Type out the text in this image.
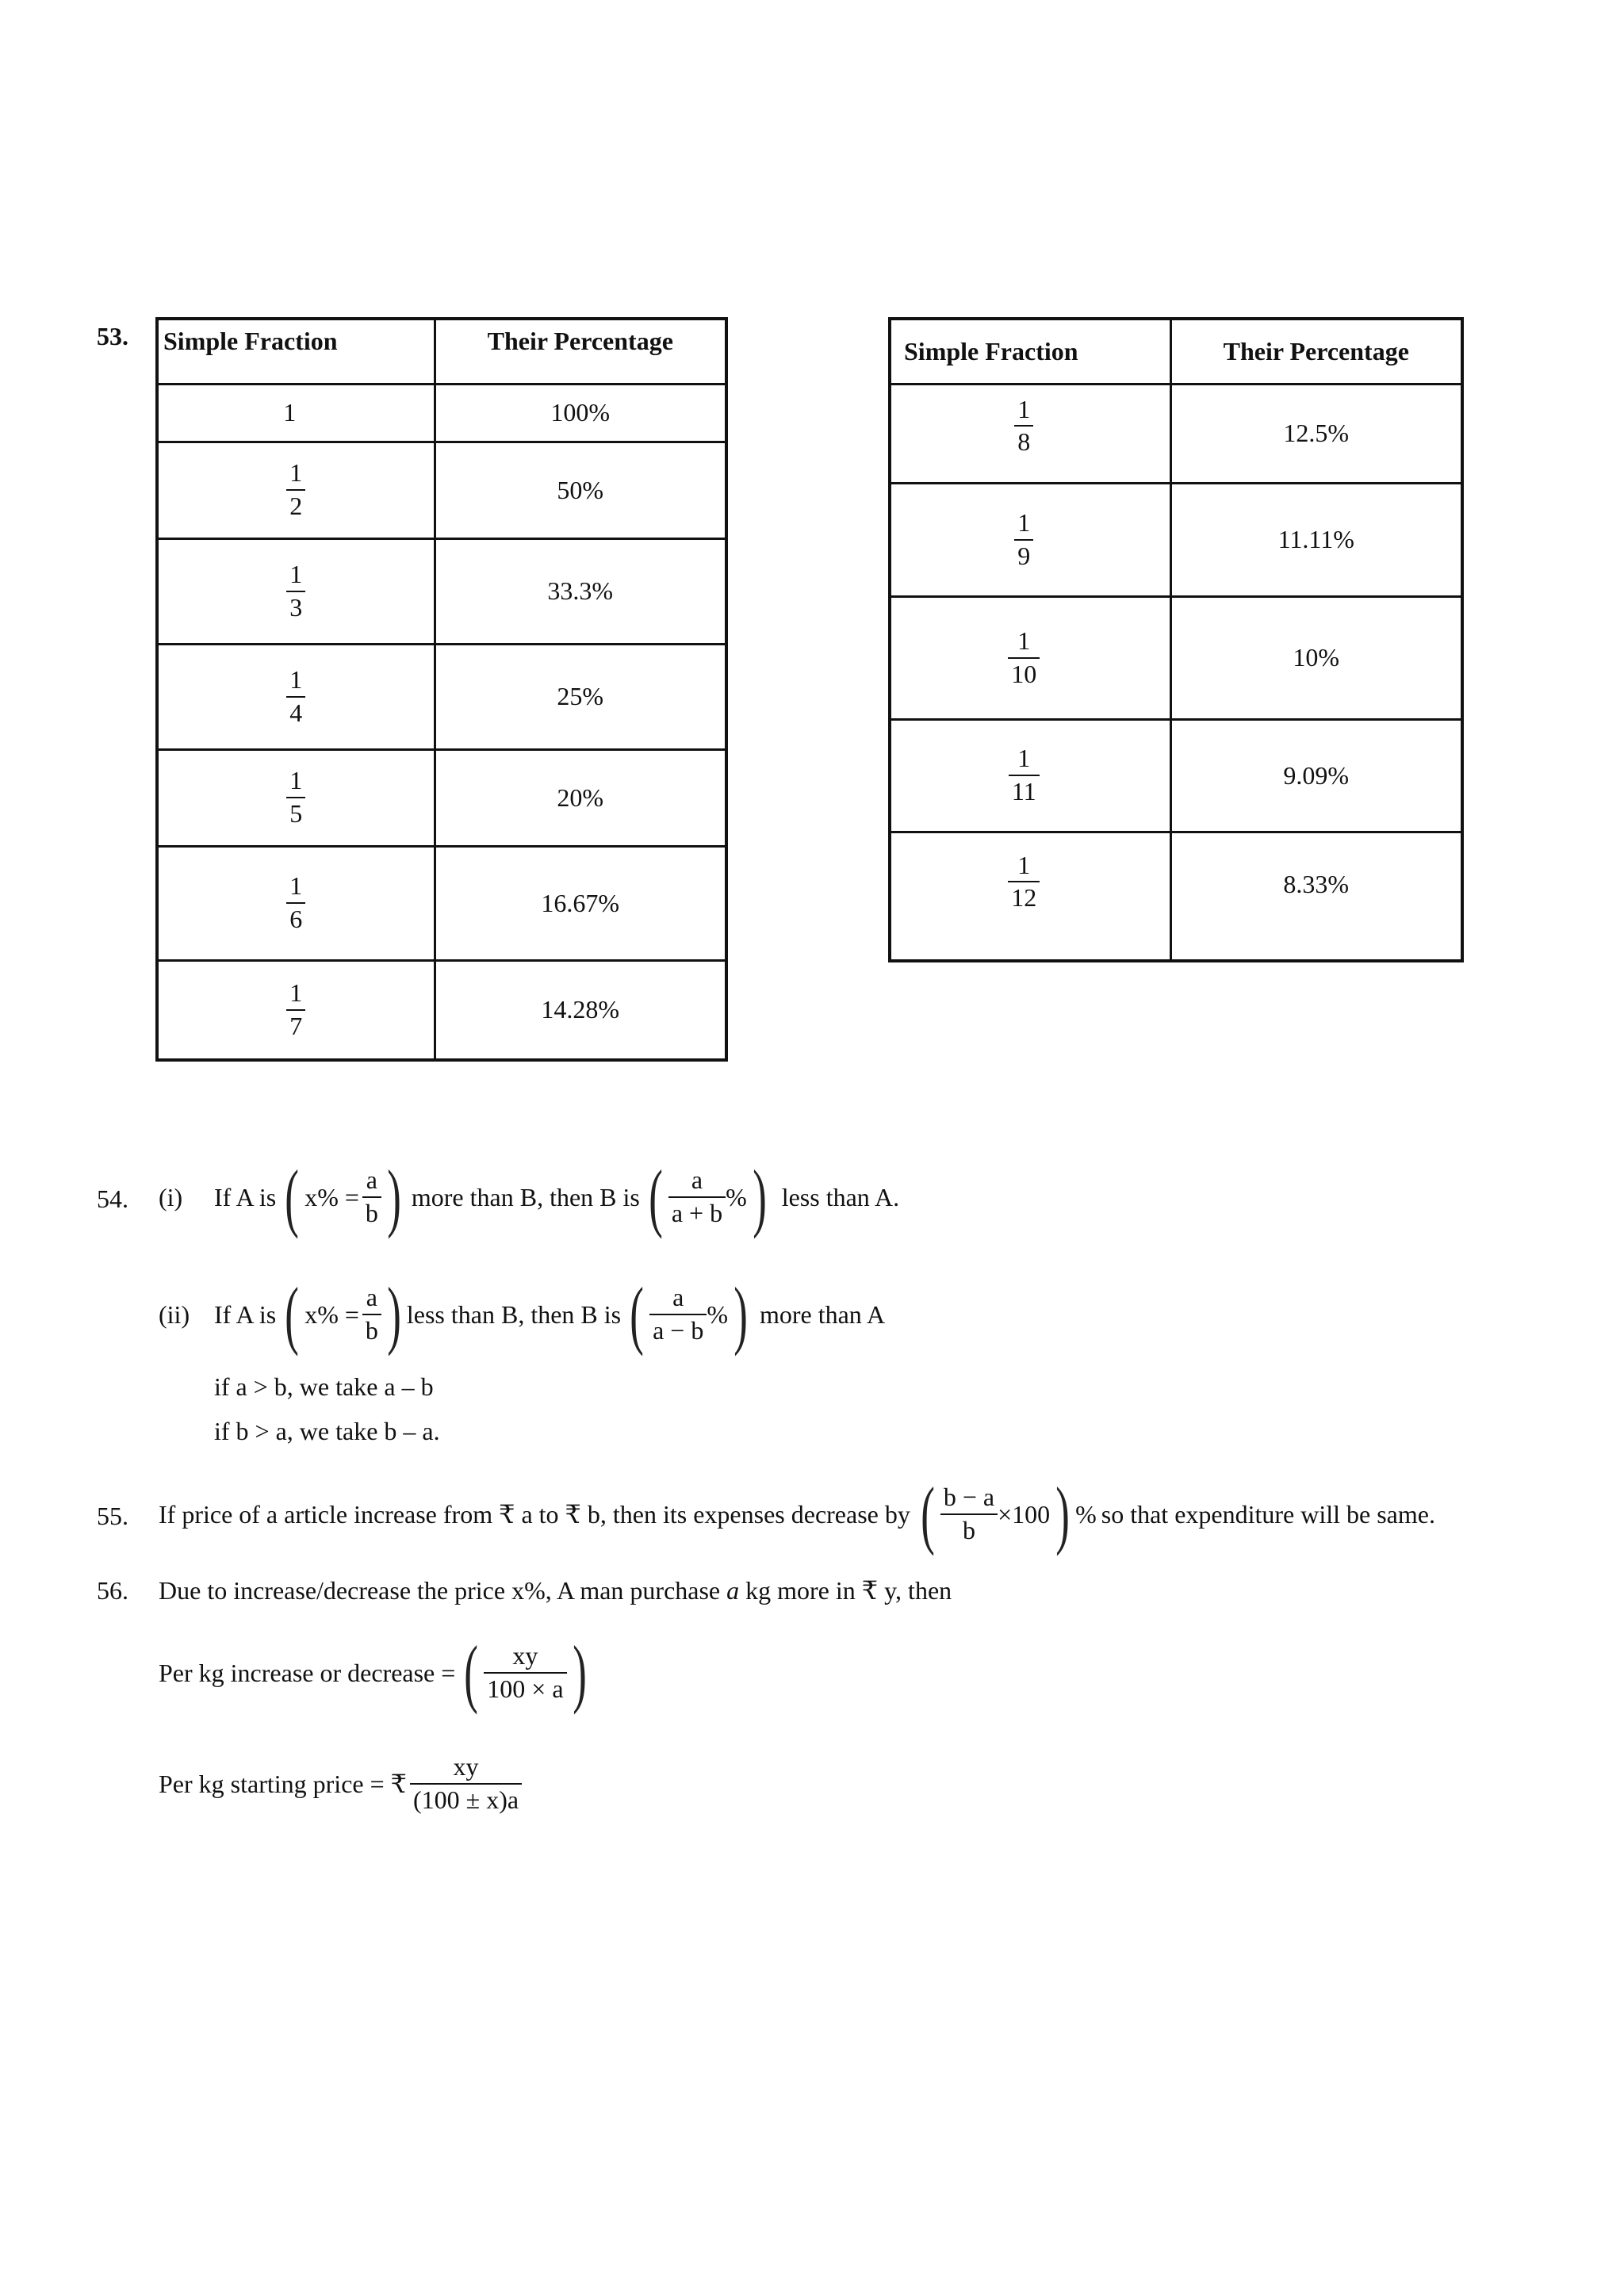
53. Simple Fraction	Their Percentage
1	100%

$\frac{1}{2}$	50%

$\frac{1}{3}$	33.3%

$\frac{1}{4}$	25%

$\frac{1}{5}$	20%

$\frac{1}{6}$	16.67%

$\frac{1}{7}$	14.28%
Simple Fraction	Their Percentage

$\frac{1}{8}$	12.5%

$\frac{1}{9}$	11.11%

$\frac{1}{10}$	10%

$\frac{1}{11}$	9.09%

$\frac{1}{12}$	8.33%
54. (i)	If A is ( x% =
a
b ) more than B, then B is ( a
a + b
% ) less than A.
(ii) If A is ( x% =
a
b ) less than B, then B is ( a
a − b
% ) more than A
if a > b, we take a – b
if b > a, we take b – a.
55. If price of a article increase from ₹ a to ₹ b, then its expenses decrease by ( b − a
b
×100 ) % so that expenditure will be same.
56. Due to increase/decrease the price x%, A man purchase a kg more in ₹ y, then
Per kg increase or decrease = ( xy
100 × a )
Per kg starting price = ₹
xy
(100 ± x)a
